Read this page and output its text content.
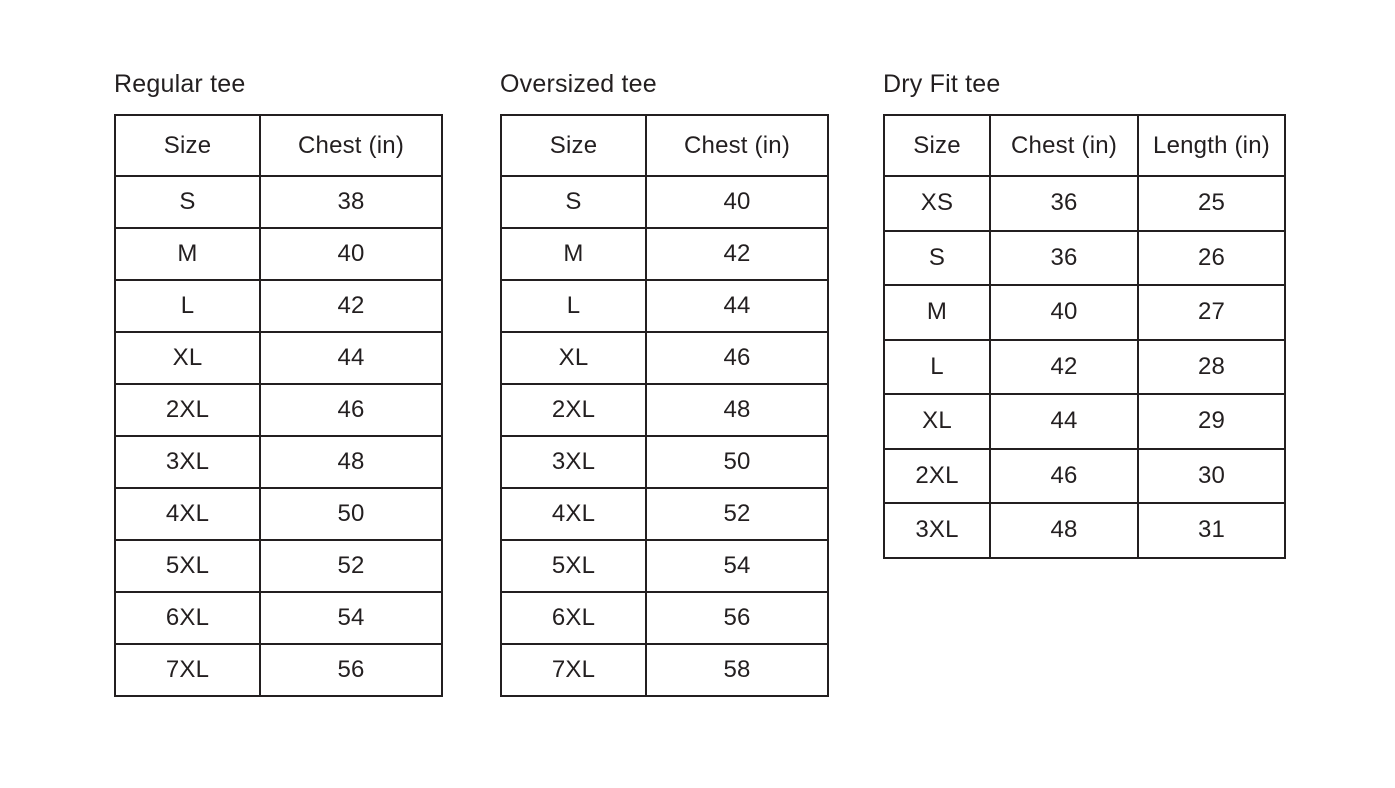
Regular tee
Size	Chest (in)
S	38
M	40
L	42
XL	44
2XL	46
3XL	48
4XL	50
5XL	52
6XL	54
7XL	56
Oversized tee
Size	Chest (in)
S	40
M	42
L	44
XL	46
2XL	48
3XL	50
4XL	52
5XL	54
6XL	56
7XL	58
Dry Fit tee
Size	Chest (in)	Length (in)
XS	36	25
S	36	26
M	40	27
L	42	28
XL	44	29
2XL	46	30
3XL	48	31
